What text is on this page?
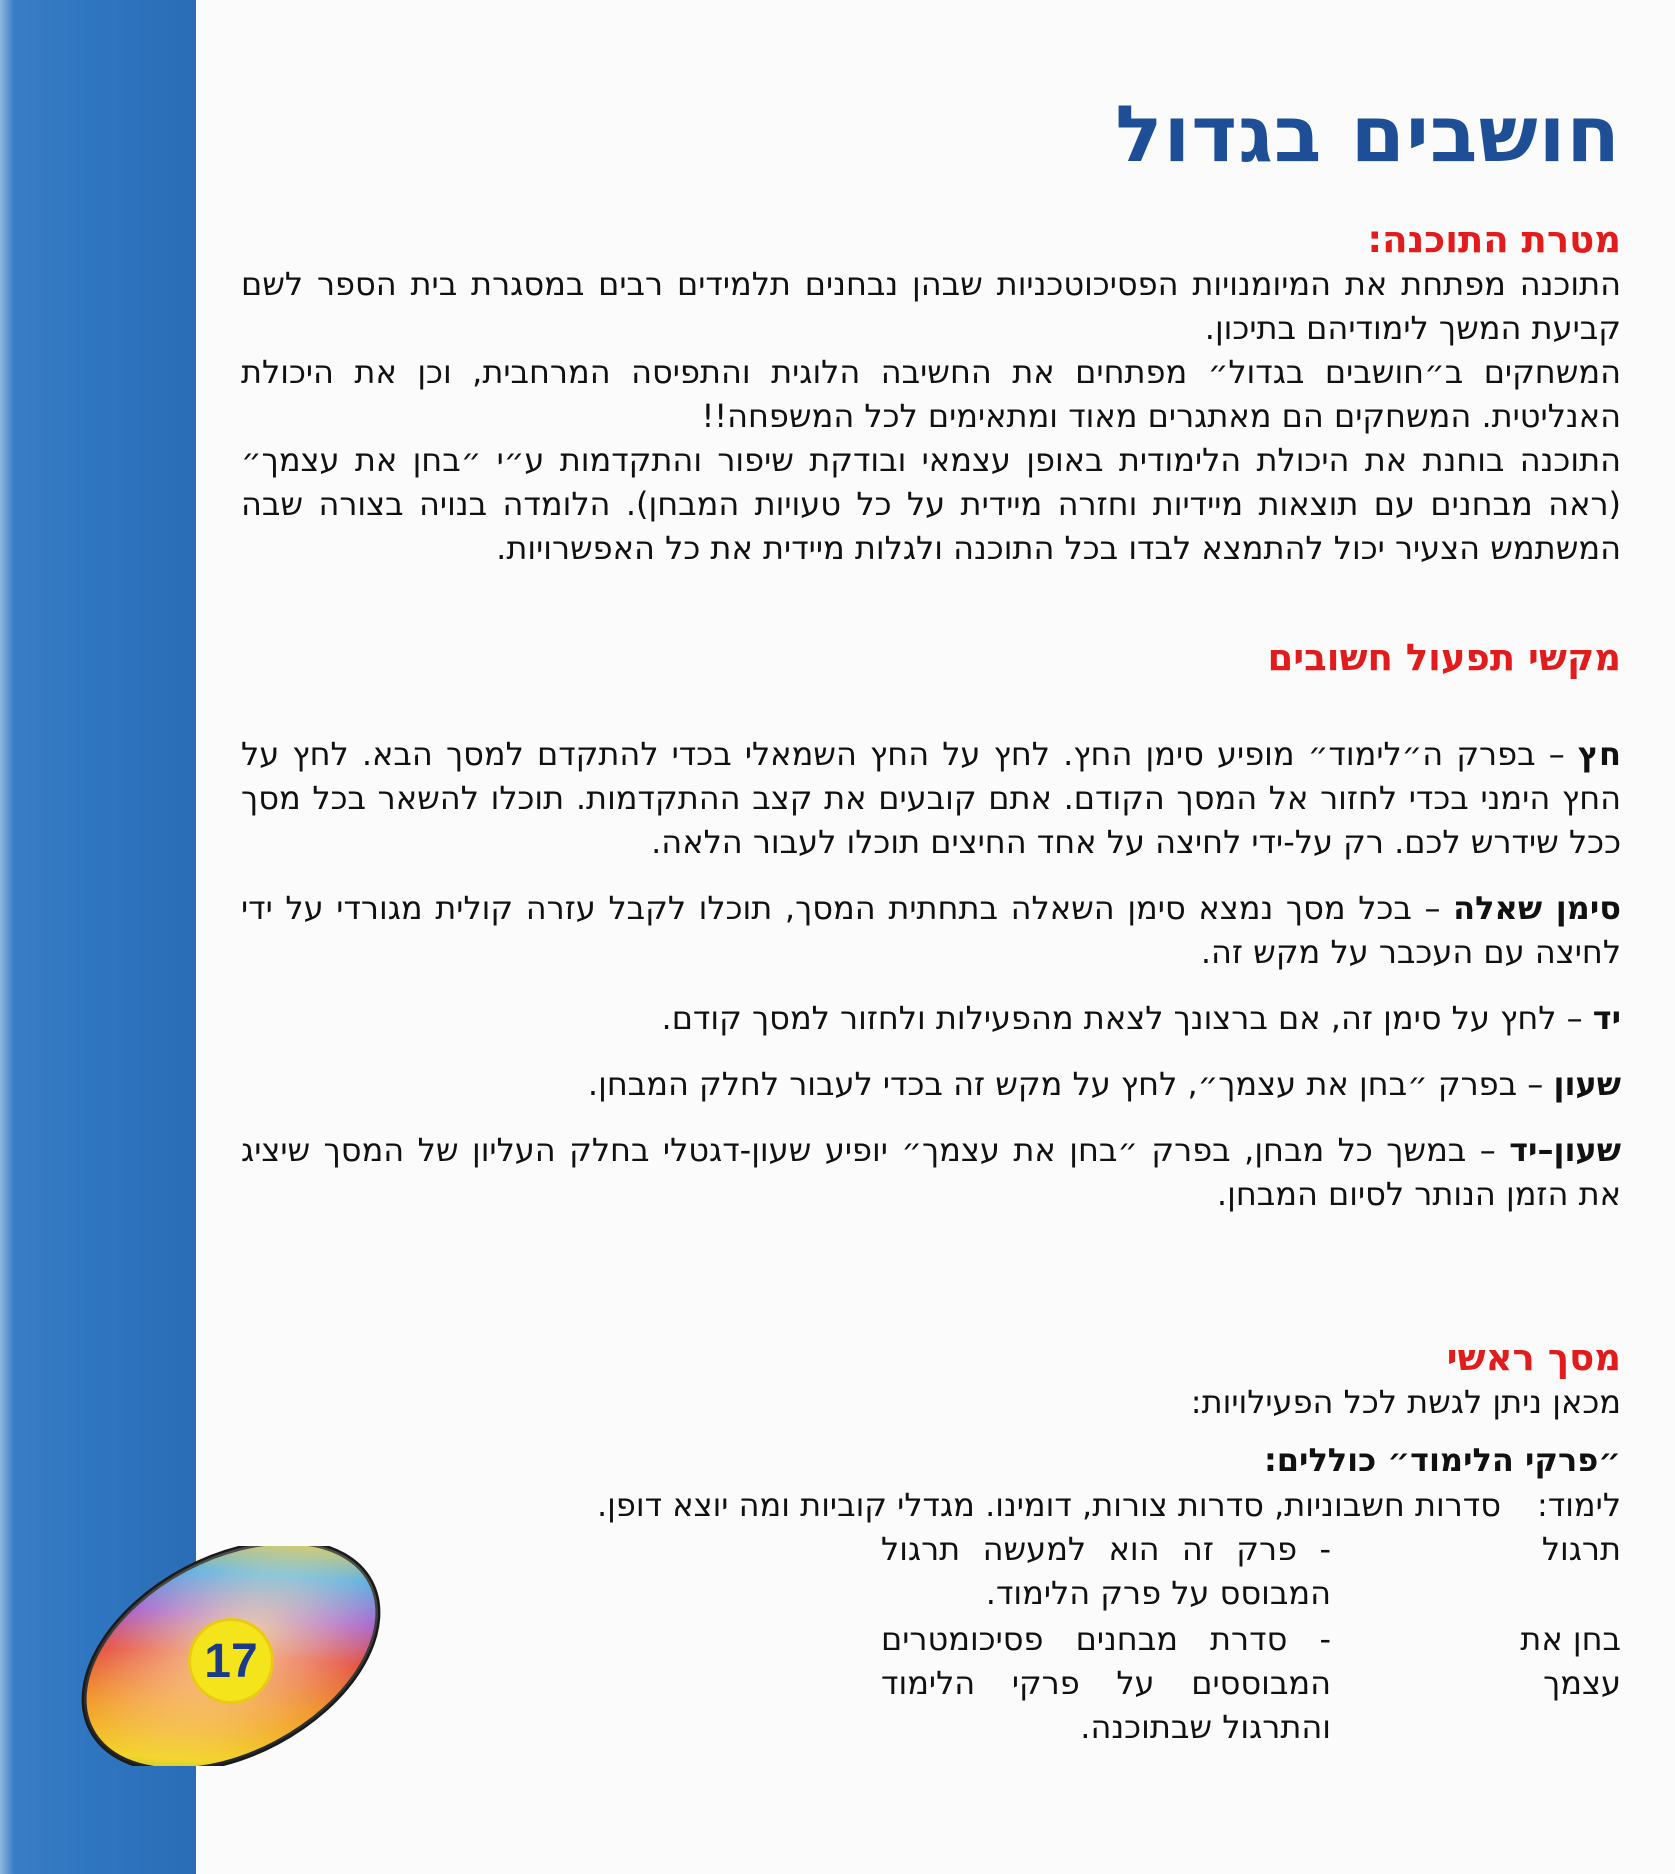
חושבים בגדול
מטרת התוכנה:

התוכנה מפתחת את המיומנויות הפסיכוטכניות שבהן נבחנים תלמידים רבים במסגרת בית הספר לשם קביעת המשך לימודיהם בתיכון.

המשחקים ב״חושבים בגדול״ מפתחים את החשיבה הלוגית והתפיסה המרחבית, וכן את היכולת האנליטית. המשחקים הם מאתגרים מאוד ומתאימים לכל המשפחה!!

התוכנה בוחנת את היכולת הלימודית באופן עצמאי ובודקת שיפור והתקדמות ע״י ״בחן את עצמך״ (ראה מבחנים עם תוצאות מיידיות וחזרה מיידית על כל טעויות המבחן). הלומדה בנויה בצורה שבה המשתמש הצעיר יכול להתמצא לבדו בכל התוכנה ולגלות מיידית את כל האפשרויות.

מקשי תפעול חשובים

חץ – בפרק ה״לימוד״ מופיע סימן החץ. לחץ על החץ השמאלי בכדי להתקדם למסך הבא. לחץ על החץ הימני בכדי לחזור אל המסך הקודם. אתם קובעים את קצב ההתקדמות. תוכלו להשאר בכל מסך ככל שידרש לכם. רק על-ידי לחיצה על אחד החיצים תוכלו לעבור הלאה.

סימן שאלה – בכל מסך נמצא סימן השאלה בתחתית המסך, תוכלו לקבל עזרה קולית מגורדי על ידי לחיצה עם העכבר על מקש זה.

יד – לחץ על סימן זה, אם ברצונך לצאת מהפעילות ולחזור למסך קודם.

שעון – בפרק ״בחן את עצמך״, לחץ על מקש זה בכדי לעבור לחלק המבחן.

שעון–יד – במשך כל מבחן, בפרק ״בחן את עצמך״ יופיע שעון-דגטלי בחלק העליון של המסך שיציג את הזמן הנותר לסיום המבחן.

מסך ראשי

מכאן ניתן לגשת לכל הפעילויות:

״פרקי הלימוד״ כוללים:
לימוד:
סדרות חשבוניות, סדרות צורות, דומינו. מגדלי קוביות ומה יוצא דופן.
תרגול
- פרק זה הוא למעשה תרגול המבוסס על פרק הלימוד.
בחן את עצמך
- סדרת מבחנים פסיכומטרים המבוססים על פרקי הלימוד והתרגול שבתוכנה.
17
